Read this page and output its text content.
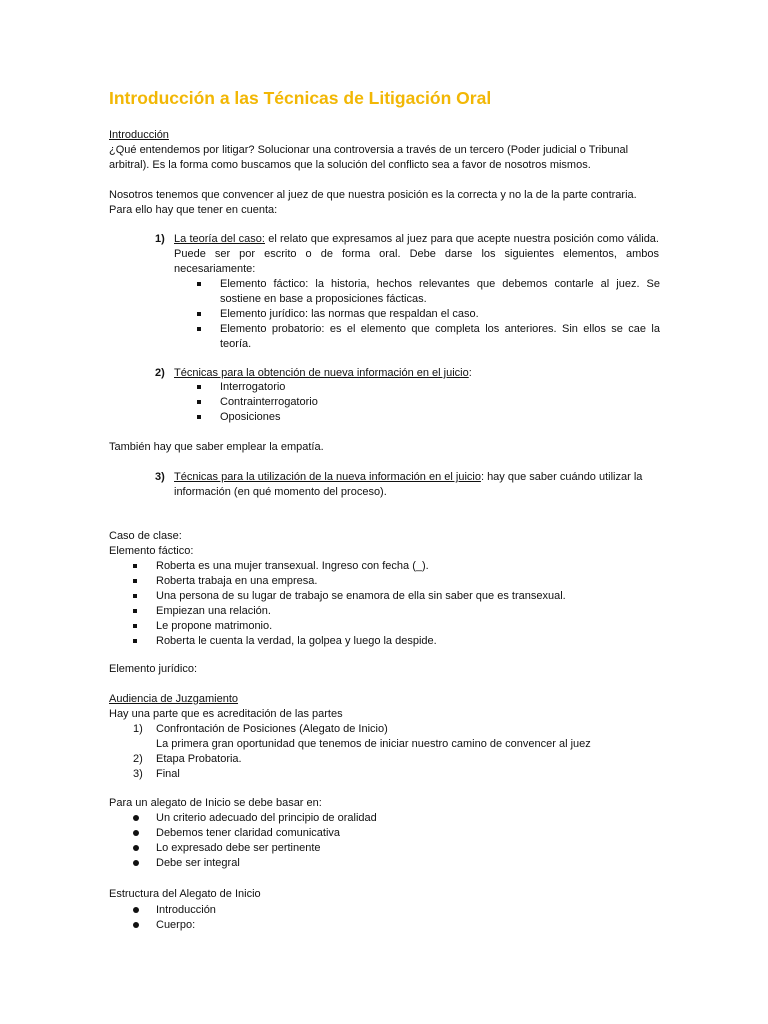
Introducción a las Técnicas de Litigación Oral

Introducción

¿Qué entendemos por litigar? Solucionar una controversia a través de un tercero (Poder judicial o Tribunal arbitral). Es la forma como buscamos que la solución del conflicto sea a favor de nosotros mismos.

Nosotros tenemos que convencer al juez de que nuestra posición es la correcta y no la de la parte contraria.

Para ello hay que tener en cuenta:

1) La teoría del caso: el relato que expresamos al juez para que acepte nuestra posición como válida. Puede ser por escrito o de forma oral. Debe darse los siguientes elementos, ambos necesariamente:

Elemento fáctico: la historia, hechos relevantes que debemos contarle al juez. Se sostiene en base a proposiciones fácticas.
Elemento jurídico: las normas que respaldan el caso.
Elemento probatorio: es el elemento que completa los anteriores. Sin ellos se cae la teoría.
2) Técnicas para la obtención de nueva información en el juicio:

Interrogatorio
Contrainterrogatorio
Oposiciones

También hay que saber emplear la empatía.

3) Técnicas para la utilización de la nueva información en el juicio: hay que saber cuándo utilizar la información (en qué momento del proceso).

Caso de clase:

Elemento fáctico:

Roberta es una mujer transexual. Ingreso con fecha (_).
Roberta trabaja en una empresa.
Una persona de su lugar de trabajo se enamora de ella sin saber que es transexual.
Empiezan una relación.
Le propone matrimonio.
Roberta le cuenta la verdad, la golpea y luego la despide.

Elemento jurídico:

Audiencia de Juzgamiento

Hay una parte que es acreditación de las partes

1) Confrontación de Posiciones (Alegato de Inicio)

La primera gran oportunidad que tenemos de iniciar nuestro camino de convencer al juez

2) Etapa Probatoria.

3) Final

Para un alegato de Inicio se debe basar en:

Un criterio adecuado del principio de oralidad
Debemos tener claridad comunicativa
Lo expresado debe ser pertinente
Debe ser integral

Estructura del Alegato de Inicio

Introducción
Cuerpo:
